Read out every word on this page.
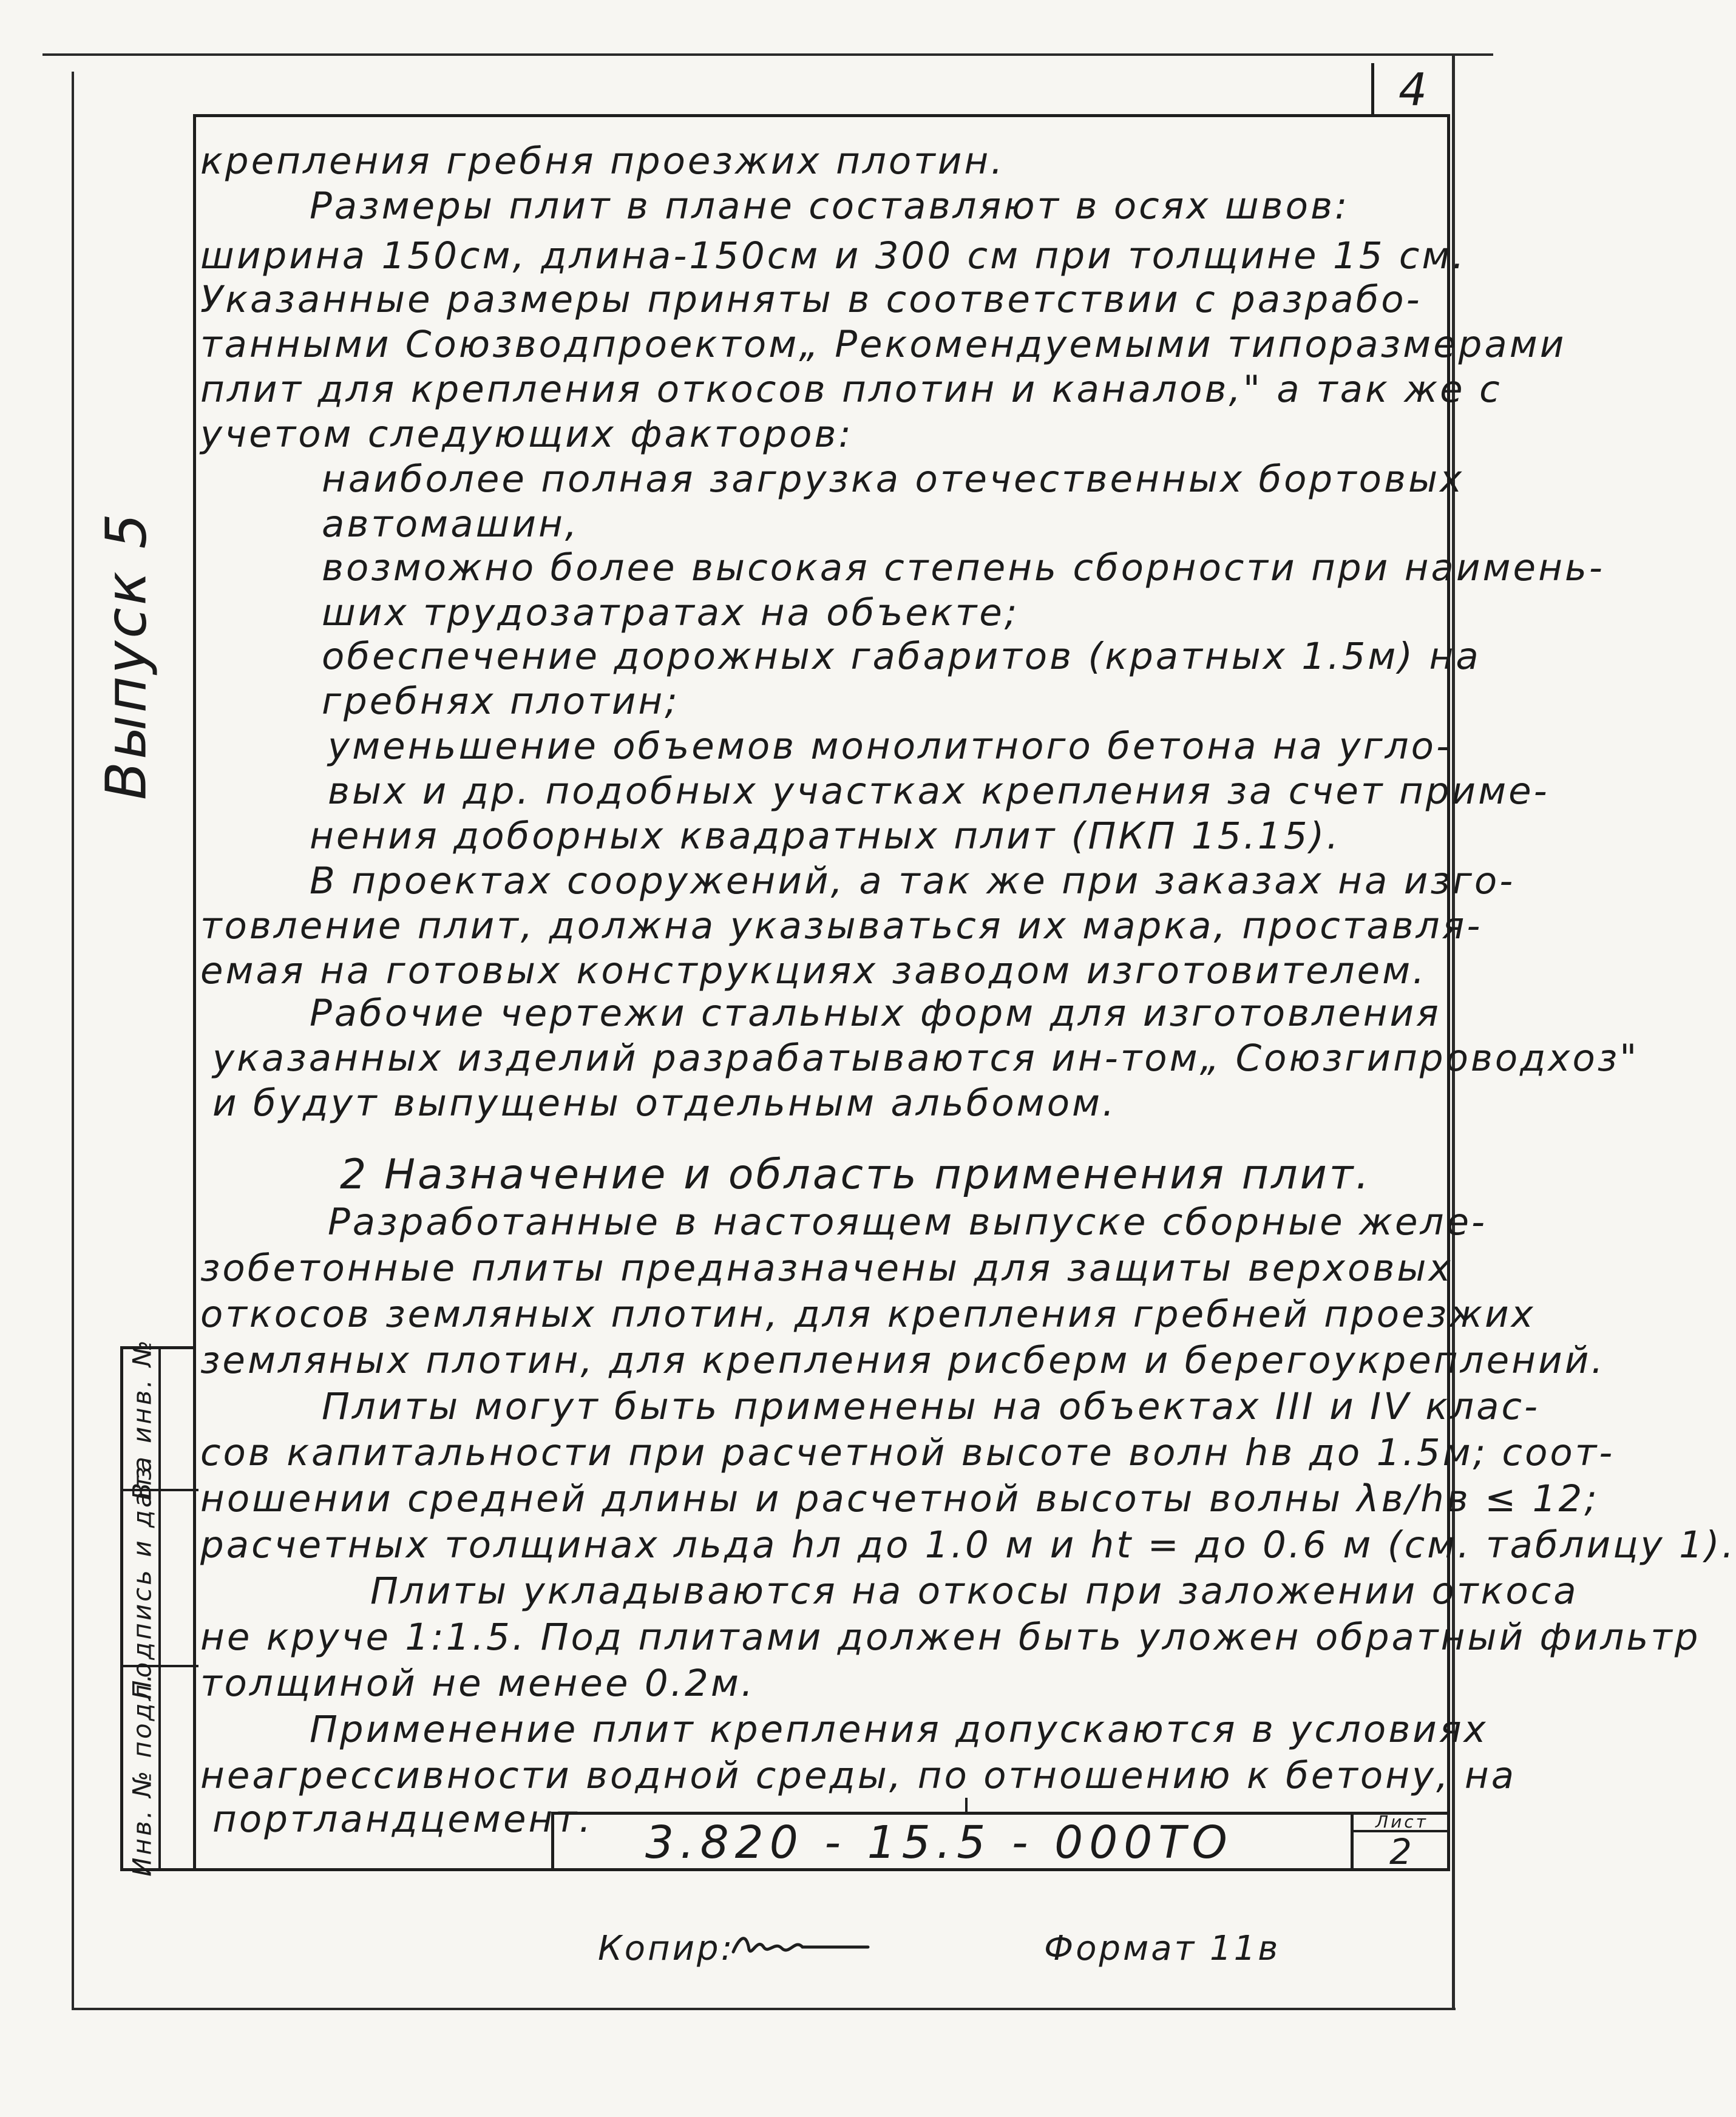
4
Выпуск 5
Инв. № подл.
Подпись и дата
Вз. инв. №
крепления гребня проезжих плотин.
Размеры плит в плане составляют в осях швов:
ширина 150см, длина-150см и 300 см при толщине 15 см.
Указанные размеры приняты в соответствии с разрабо-
танными Союзводпроектом„ Рекомендуемыми типоразмерами
плит для крепления откосов плотин и каналов," а так же с
учетом следующих факторов:
наиболее полная загрузка отечественных бортовых
автомашин,
возможно более высокая степень сборности при наимень-
ших трудозатратах на объекте;
обеспечение дорожных габаритов (кратных 1.5м) на
гребнях плотин;
уменьшение объемов монолитного бетона на угло-
вых и др. подобных участках крепления за счет приме-
нения доборных квадратных плит (ПКП 15.15).
В проектах сооружений, а так же при заказах на изго-
товление плит, должна указываться их марка, проставля-
емая на готовых конструкциях заводом изготовителем.
Рабочие чертежи стальных форм для изготовления
указанных изделий разрабатываются ин-том„ Союзгипроводхоз"
и будут выпущены отдельным альбомом.
2 Назначение и область применения плит.
Разработанные в настоящем выпуске сборные желе-
зобетонные плиты предназначены для защиты верховых
откосов земляных плотин, для крепления гребней проезжих
земляных плотин, для крепления рисберм и берегоукреплений.
Плиты могут быть применены на объектах III и IV клас-
сов капитальности при расчетной высоте волн hв до 1.5м; соот-
ношении средней длины и расчетной высоты волны λв/hв ≤ 12;
расчетных толщинах льда hл до 1.0 м и ht = до 0.6 м (см. таблицу 1).
Плиты укладываются на откосы при заложении откоса
не круче 1:1.5. Под плитами должен быть уложен обратный фильтр
толщиной не менее 0.2м.
Применение плит крепления допускаются в условиях
неагрессивности водной среды, по отношению к бетону, на
портландцемент. 3.820 - 15.5 - 000ТО	Лист
2
Копир:	Формат 11в
